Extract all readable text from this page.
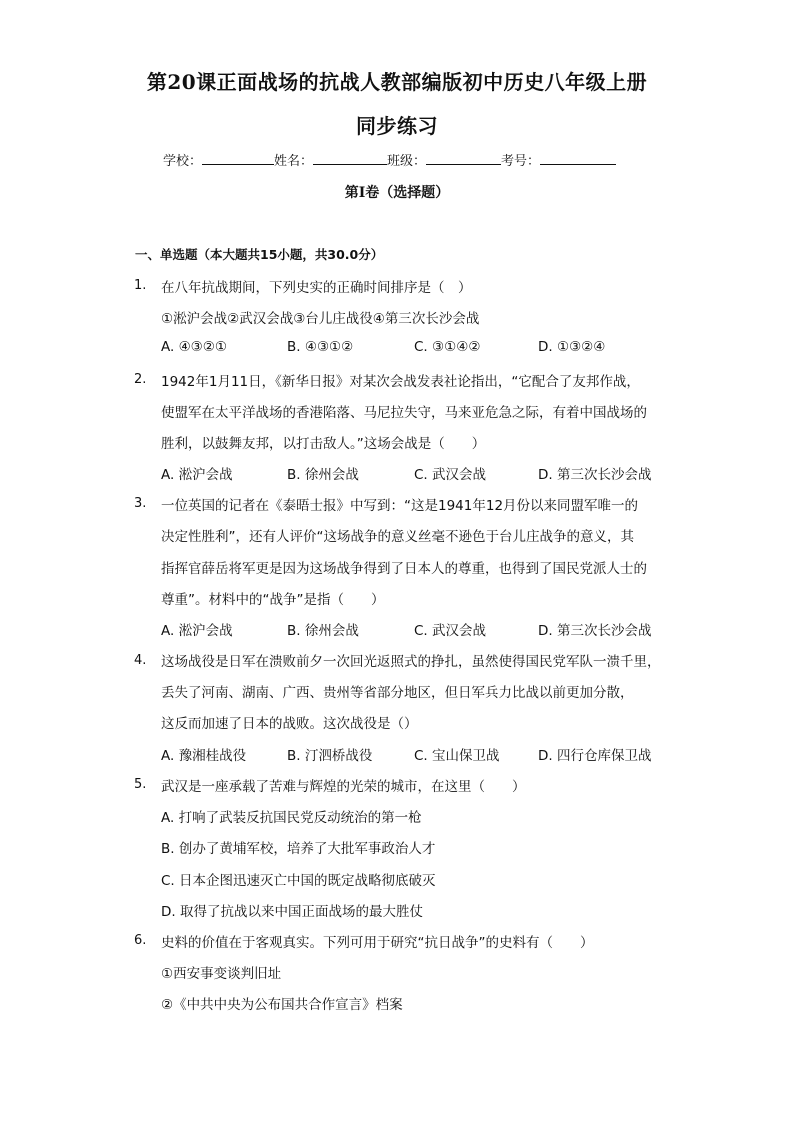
第20课正面战场的抗战人教部编版初中历史八年级上册
同步练习
学校：	姓名：	班级：	考号：
第I卷（选择题）
一、单选题（本大题共15小题，共30.0分）
1. 在八年抗战期间，下列史实的正确时间排序是（　）
①淞沪会战②武汉会战③台儿庄战役④第三次长沙会战
A. ④③②①	B. ④③①②	C. ③①④②	D. ①③②④
2. 1942年1月11日，《新华日报》对某次会战发表社论指出，“它配合了友邦作战，
使盟军在太平洋战场的香港陷落、马尼拉失守，马来亚危急之际，有着中国战场的
胜利，以鼓舞友邦，以打击敌人。”这场会战是（　　）
A. 淞沪会战	B. 徐州会战	C. 武汉会战	D. 第三次长沙会战
3. 一位英国的记者在《泰晤士报》中写到：“这是1941年12月份以来同盟军唯一的
决定性胜利”，还有人评价“这场战争的意义丝毫不逊色于台儿庄战争的意义，其
指挥官薛岳将军更是因为这场战争得到了日本人的尊重，也得到了国民党派人士的
尊重”。材料中的“战争”是指（　　）
A. 淞沪会战	B. 徐州会战	C. 武汉会战	D. 第三次长沙会战
4. 这场战役是日军在溃败前夕一次回光返照式的挣扎，虽然使得国民党军队一溃千里，
丢失了河南、湖南、广西、贵州等省部分地区，但日军兵力比战以前更加分散，
这反而加速了日本的战败。这次战役是（）
A. 豫湘桂战役	B. 汀泗桥战役	C. 宝山保卫战	D. 四行仓库保卫战
5. 武汉是一座承载了苦难与辉煌的光荣的城市，在这里（　　）
A. 打响了武装反抗国民党反动统治的第一枪
B. 创办了黄埔军校，培养了大批军事政治人才
C. 日本企图迅速灭亡中国的既定战略彻底破灭
D. 取得了抗战以来中国正面战场的最大胜仗
6. 史料的价值在于客观真实。下列可用于研究“抗日战争”的史料有（　　）
①西安事变谈判旧址
②《中共中央为公布国共合作宣言》档案
